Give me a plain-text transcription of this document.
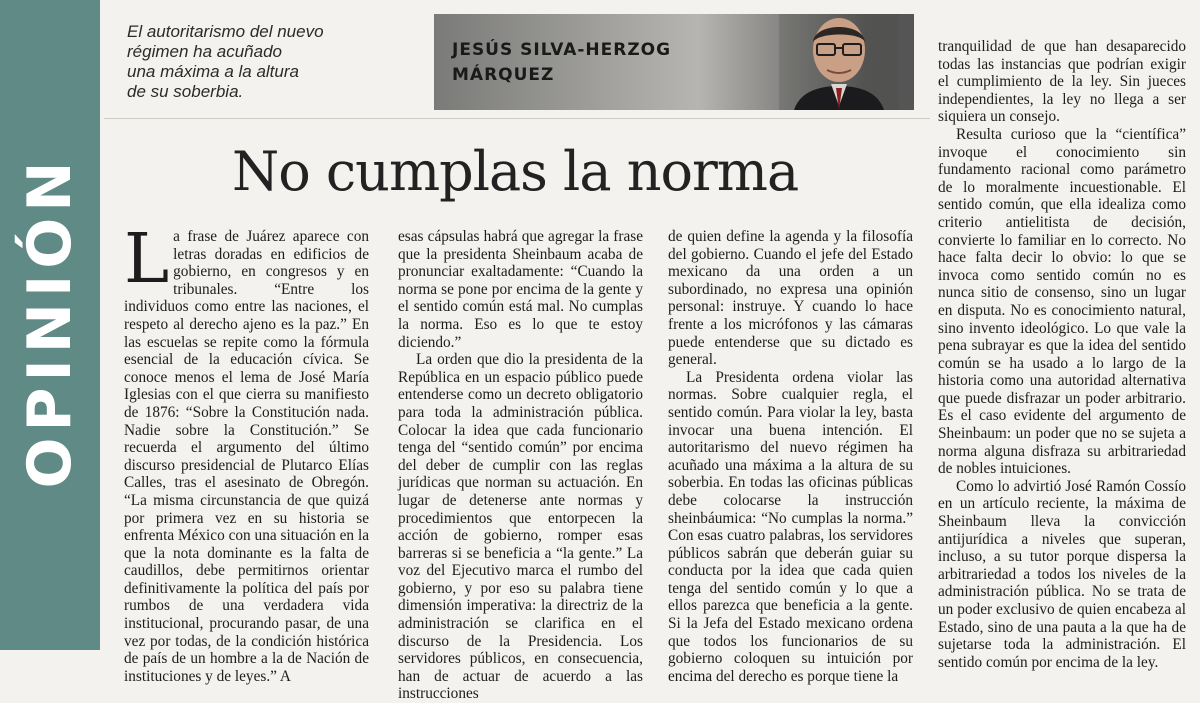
OPINIÓN
El autoritarismo del nuevo
régimen ha acuñado
una máxima a la altura
de su soberbia.
JESÚS SILVA-HERZOG
MÁRQUEZ
No cumplas la norma

La frase de Juárez aparece con letras doradas en edificios de gobierno, en congresos y en tribunales. “Entre los individuos como entre las naciones, el respeto al derecho ajeno es la paz.” En las escuelas se repite como la fórmula esencial de la educación cívica. Se conoce menos el lema de José María Iglesias con el que cierra su manifiesto de 1876: “Sobre la Constitución nada. Nadie sobre la Constitución.” Se recuerda el argumento del último discurso presidencial de Plutarco Elías Calles, tras el asesinato de Obregón. “La misma circunstancia de que quizá por primera vez en su historia se enfrenta México con una situación en la que la nota dominante es la falta de caudillos, debe permitirnos orientar definitivamente la política del país por rumbos de una verdadera vida institucional, procurando pasar, de una vez por todas, de la condición histórica de país de un hombre a la de Nación de instituciones y de leyes.” A

esas cápsulas habrá que agregar la frase que la presidenta Sheinbaum acaba de pronunciar exaltadamente: “Cuando la norma se pone por encima de la gente y el sentido común está mal. No cumplas la norma. Eso es lo que te estoy diciendo.”

La orden que dio la presidenta de la República en un espacio público puede entenderse como un decreto obligatorio para toda la administración pública. Colocar la idea que cada funcionario tenga del “sentido común” por encima del deber de cumplir con las reglas jurídicas que norman su actuación. En lugar de detenerse ante normas y procedimientos que entorpecen la acción de gobierno, romper esas barreras si se beneficia a “la gente.” La voz del Ejecutivo marca el rumbo del gobierno, y por eso su palabra tiene dimensión imperativa: la directriz de la administración se clarifica en el discurso de la Presidencia. Los servidores públicos, en consecuencia, han de actuar de acuerdo a las instrucciones

de quien define la agenda y la filosofía del gobierno. Cuando el jefe del Estado mexicano da una orden a un subordinado, no expresa una opinión personal: instruye. Y cuando lo hace frente a los micrófonos y las cámaras puede entenderse que su dictado es general.

La Presidenta ordena violar las normas. Sobre cualquier regla, el sentido común. Para violar la ley, basta invocar una buena intención. El autoritarismo del nuevo régimen ha acuñado una máxima a la altura de su soberbia. En todas las oficinas públicas debe colocarse la instrucción sheinbáumica: “No cumplas la norma.” Con esas cuatro palabras, los servidores públicos sabrán que deberán guiar su conducta por la idea que cada quien tenga del sentido común y lo que a ellos parezca que beneficia a la gente. Si la Jefa del Estado mexicano ordena que todos los funcionarios de su gobierno coloquen su intuición por encima del derecho es porque tiene la

tranquilidad de que han desaparecido todas las instancias que podrían exigir el cumplimiento de la ley. Sin jueces independientes, la ley no llega a ser siquiera un consejo.

Resulta curioso que la “científica” invoque el conocimiento sin fundamento racional como parámetro de lo moralmente incuestionable. El sentido común, que ella idealiza como criterio antielitista de decisión, convierte lo familiar en lo correcto. No hace falta decir lo obvio: lo que se invoca como sentido común no es nunca sitio de consenso, sino un lugar en disputa. No es conocimiento natural, sino invento ideológico. Lo que vale la pena subrayar es que la idea del sentido común se ha usado a lo largo de la historia como una autoridad alternativa que puede disfrazar un poder arbitrario. Es el caso evidente del argumento de Sheinbaum: un poder que no se sujeta a norma alguna disfraza su arbitrariedad de nobles intuiciones.

Como lo advirtió José Ramón Cossío en un artículo reciente, la máxima de Sheinbaum lleva la convicción antijurídica a niveles que superan, incluso, a su tutor porque dispersa la arbitrariedad a todos los niveles de la administración pública. No se trata de un poder exclusivo de quien encabeza al Estado, sino de una pauta a la que ha de sujetarse toda la administración. El sentido común por encima de la ley.
